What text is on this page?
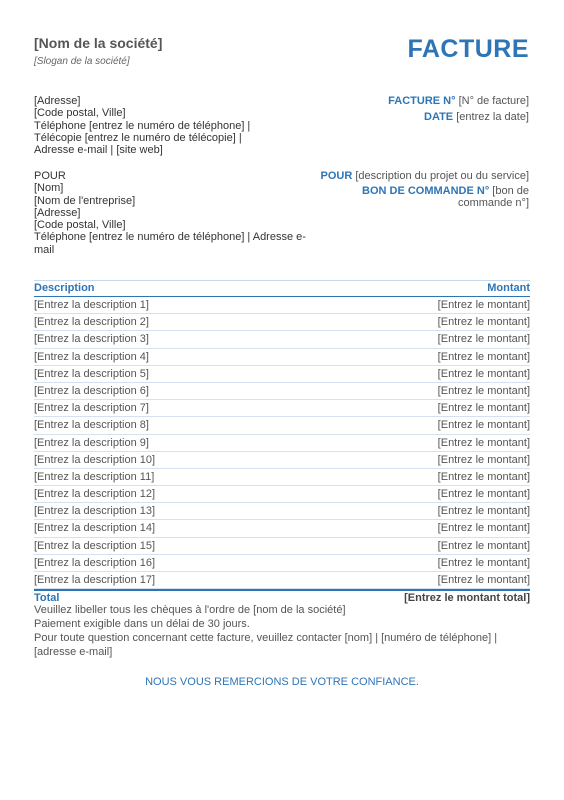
[Nom de la société]
[Slogan de la société]	FACTURE
[Adresse]
[Code postal, Ville]
Téléphone [entrez le numéro de téléphone] |
Télécopie [entrez le numéro de télécopie] |
Adresse e-mail | [site web]
FACTURE N° [N° de facture]
DATE [entrez la date]
POUR
[Nom]
[Nom de l'entreprise]
[Adresse]
[Code postal, Ville]
Téléphone [entrez le numéro de téléphone] | Adresse e-mail
POUR [description du projet ou du service]
BON DE COMMANDE N° [bon de commande n°]
Description	Montant
[Entrez la description 1]	[Entrez le montant]
[Entrez la description 2]	[Entrez le montant]
[Entrez la description 3]	[Entrez le montant]
[Entrez la description 4]	[Entrez le montant]
[Entrez la description 5]	[Entrez le montant]
[Entrez la description 6]	[Entrez le montant]
[Entrez la description 7]	[Entrez le montant]
[Entrez la description 8]	[Entrez le montant]
[Entrez la description 9]	[Entrez le montant]
[Entrez la description 10]	[Entrez le montant]
[Entrez la description 11]	[Entrez le montant]
[Entrez la description 12]	[Entrez le montant]
[Entrez la description 13]	[Entrez le montant]
[Entrez la description 14]	[Entrez le montant]
[Entrez la description 15]	[Entrez le montant]
[Entrez la description 16]	[Entrez le montant]
[Entrez la description 17]	[Entrez le montant]
Total	[Entrez le montant total]
Veuillez libeller tous les chèques à l'ordre de [nom de la société]
Paiement exigible dans un délai de 30 jours.
Pour toute question concernant cette facture, veuillez contacter [nom] | [numéro de téléphone] | [adresse e-mail]
NOUS VOUS REMERCIONS DE VOTRE CONFIANCE.
